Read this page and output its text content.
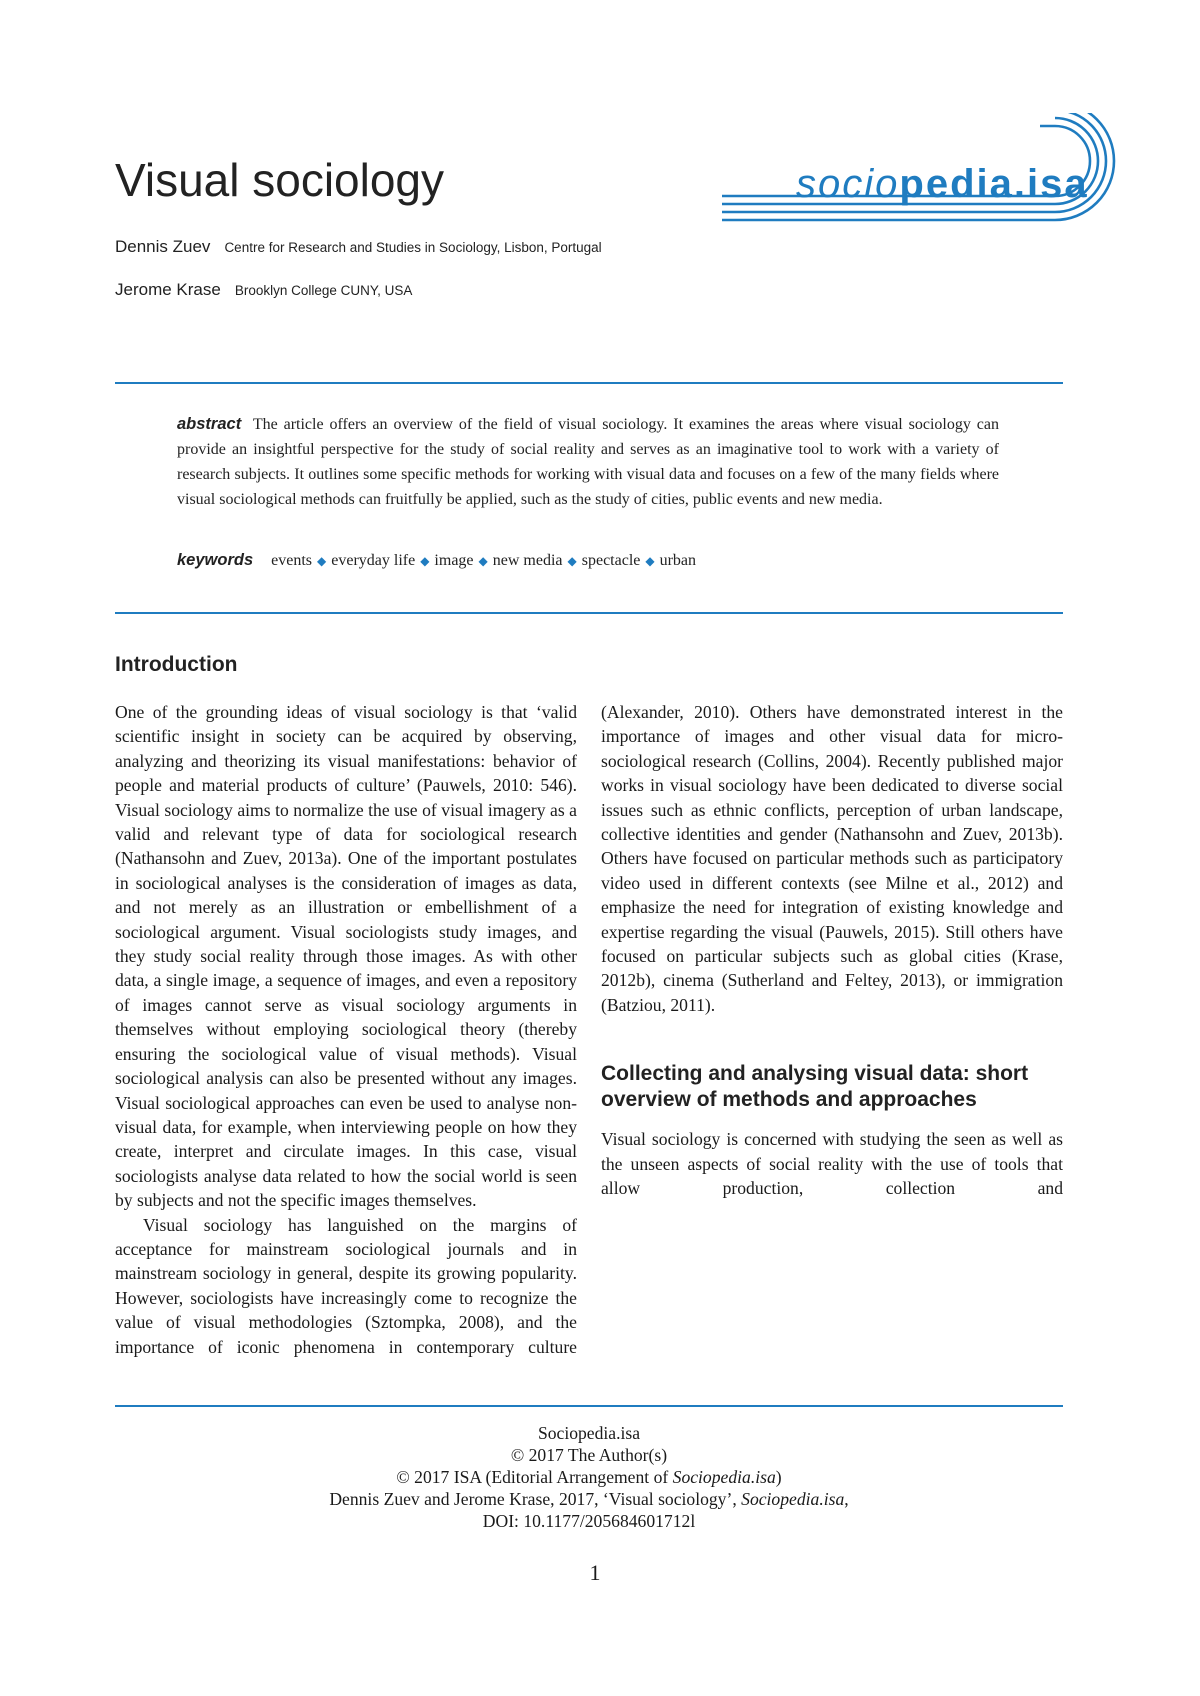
Visual sociology	sociopedia.isa
Dennis Zuev Centre for Research and Studies in Sociology, Lisbon, Portugal
Jerome Krase Brooklyn College CUNY, USA
abstract The article offers an overview of the field of visual sociology. It examines the areas where visual sociology can provide an insightful perspective for the study of social reality and serves as an imaginative tool to work with a variety of research subjects. It outlines some specific methods for working with visual data and focuses on a few of the many fields where visual sociological methods can fruitfully be applied, such as the study of cities, public events and new media.
keywords events ◆ everyday life ◆ image ◆ new media ◆ spectacle ◆ urban
Introduction

One of the grounding ideas of visual sociology is that ‘valid scientific insight in society can be acquired by observing, analyzing and theorizing its visual manifestations: behavior of people and material products of culture’ (Pauwels, 2010: 546). Visual sociology aims to normalize the use of visual imagery as a valid and relevant type of data for sociological research (Nathansohn and Zuev, 2013a). One of the important postulates in sociological analyses is the consideration of images as data, and not merely as an illustration or embellishment of a sociological argument. Visual sociologists study images, and they study social reality through those images. As with other data, a single image, a sequence of images, and even a repository of images cannot serve as visual sociology arguments in themselves without employing sociological theory (thereby ensuring the sociological value of visual methods). Visual sociological analysis can also be presented without any images. Visual sociological approaches can even be used to analyse non-visual data, for example, when interviewing people on how they create, interpret and circulate images. In this case, visual sociologists analyse data related to how the social world is seen by subjects and not the specific images themselves.

Visual sociology has languished on the margins of acceptance for mainstream sociological journals and in mainstream sociology in general, despite its growing popularity. However, sociologists have increasingly come to recognize the value of visual methodologies (Sztompka, 2008), and the importance of iconic phenomena in contemporary culture

(Alexander, 2010). Others have demonstrated interest in the importance of images and other visual data for micro-sociological research (Collins, 2004). Recently published major works in visual sociology have been dedicated to diverse social issues such as ethnic conflicts, perception of urban landscape, collective identities and gender (Nathansohn and Zuev, 2013b). Others have focused on particular methods such as participatory video used in different contexts (see Milne et al., 2012) and emphasize the need for integration of existing knowledge and expertise regarding the visual (Pauwels, 2015). Still others have focused on particular subjects such as global cities (Krase, 2012b), cinema (Sutherland and Feltey, 2013), or immigration (Batziou, 2011).

Collecting and analysing visual data: short overview of methods and approaches

Visual sociology is concerned with studying the seen as well as the unseen aspects of social reality with the use of tools that allow production, collection and

Sociopedia.isa
© 2017 The Author(s)
© 2017 ISA (Editorial Arrangement of Sociopedia.isa)
Dennis Zuev and Jerome Krase, 2017, ‘Visual sociology’, Sociopedia.isa,
DOI: 10.1177/205684601712l
1
